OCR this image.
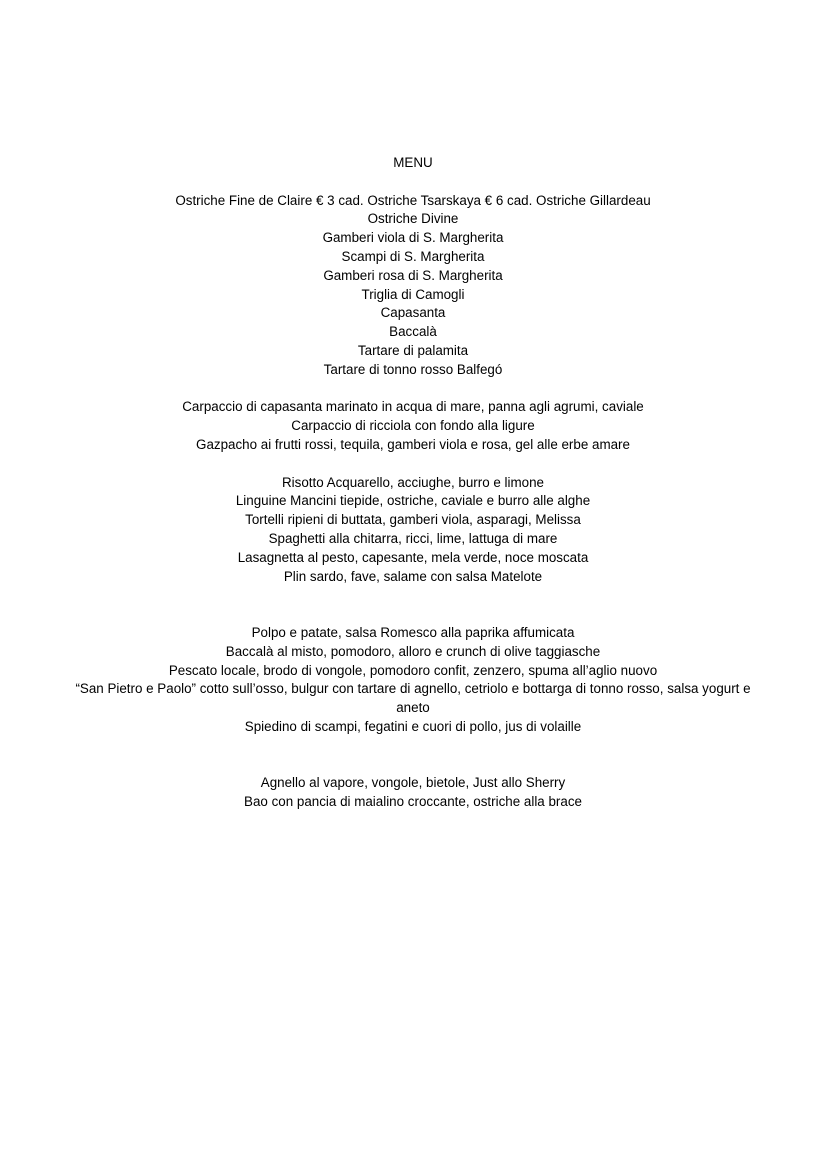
MENU
Ostriche Fine de Claire € 3 cad. Ostriche Tsarskaya € 6 cad. Ostriche Gillardeau
Ostriche Divine
Gamberi viola di S. Margherita
Scampi di S. Margherita
Gamberi rosa di S. Margherita
Triglia di Camogli
Capasanta
Baccalà
Tartare di palamita
Tartare di tonno rosso Balfegó
Carpaccio di capasanta marinato in acqua di mare, panna agli agrumi, caviale
Carpaccio di ricciola con fondo alla ligure
Gazpacho ai frutti rossi, tequila, gamberi viola e rosa, gel alle erbe amare
Risotto Acquarello, acciughe, burro e limone
Linguine Mancini tiepide, ostriche, caviale e burro alle alghe
Tortelli ripieni di buttata, gamberi viola, asparagi, Melissa
Spaghetti alla chitarra, ricci, lime, lattuga di mare
Lasagnetta al pesto, capesante, mela verde, noce moscata
Plin sardo, fave, salame con salsa Matelote
Polpo e patate, salsa Romesco alla paprika affumicata
Baccalà al misto, pomodoro, alloro e crunch di olive taggiasche
Pescato locale, brodo di vongole, pomodoro confit, zenzero, spuma all’aglio nuovo
“San Pietro e Paolo” cotto sull’osso, bulgur con tartare di agnello, cetriolo e bottarga di tonno rosso, salsa yogurt e aneto
Spiedino di scampi, fegatini e cuori di pollo, jus di volaille
Agnello al vapore, vongole, bietole, Just allo Sherry
Bao con pancia di maialino croccante, ostriche alla brace
